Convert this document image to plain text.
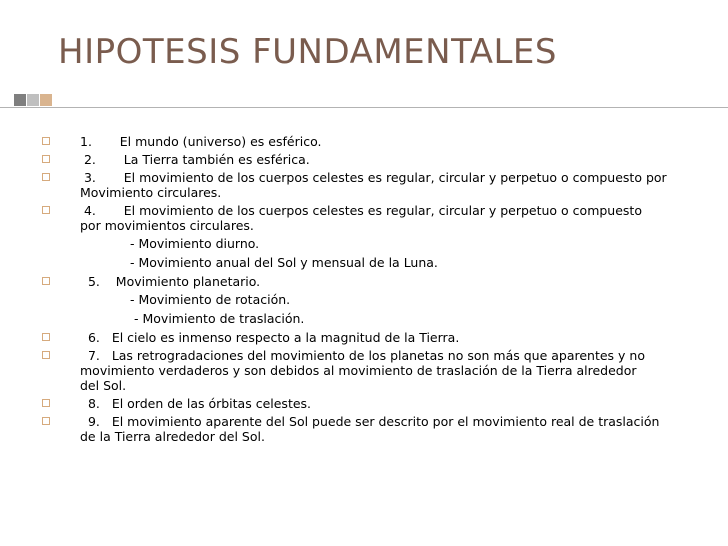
HIPOTESIS FUNDAMENTALES
1. El mundo (universo) es esférico.
2. La Tierra también es esférica.
3. El movimiento de los cuerpos celestes es regular, circular y perpetuo o compuesto por
Movimiento circulares.
4. El movimiento de los cuerpos celestes es regular, circular y perpetuo o compuesto
por movimientos circulares.
- Movimiento diurno.
- Movimiento anual del Sol y mensual de la Luna.
5. Movimiento planetario.
- Movimiento de rotación.
- Movimiento de traslación.
6. El cielo es inmenso respecto a la magnitud de la Tierra.
7. Las retrogradaciones del movimiento de los planetas no son más que aparentes y no
movimiento verdaderos y son debidos al movimiento de traslación de la Tierra alrededor
del Sol.
8. El orden de las órbitas celestes.
9. El movimiento aparente del Sol puede ser descrito por el movimiento real de traslación
de la Tierra alrededor del Sol.
